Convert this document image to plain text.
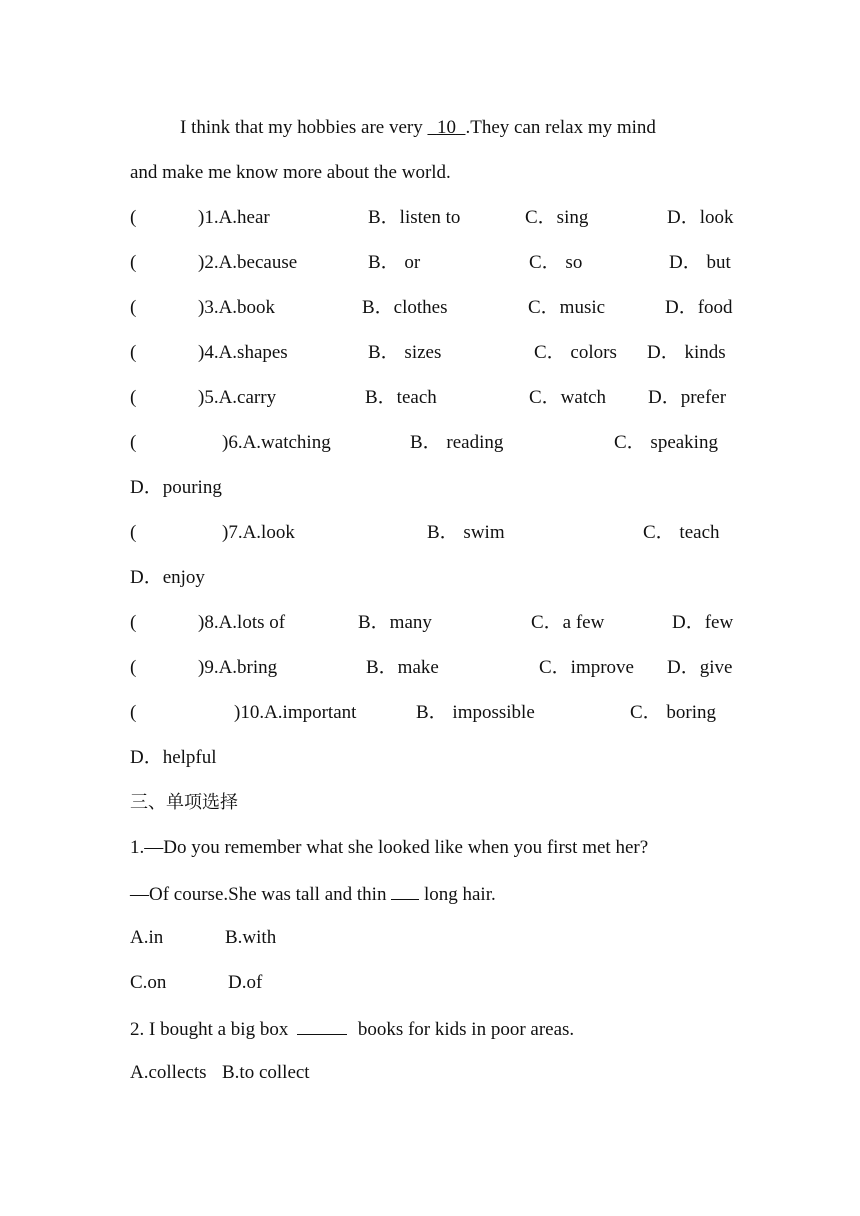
I think that my hobbies are very   10 .They can relax my mind
and make me know more about the world.
(	)1.A.hear	B．listen to	C．sing	D．look
(	)2.A.because	B． or	C． so	D． but
(	)3.A.book	B．clothes	C．music	D．food
(	)4.A.shapes	B． sizes	C． colors D． kinds
(	)5.A.carry	B．teach	C．watch D．prefer
(	)6.A.watching	B． reading	C． speaking
D．pouring
(	)7.A.look	B． swim	C． teach
D．enjoy
(	)8.A.lots of	B．many	C．a few	D．few
(	)9.A.bring	B．make	C．improve D．give
(	)10.A.important	B． impossible	C． boring
D．helpful
三、单项选择
1.—Do you remember what she looked like when you first met her?
—Of course.She was tall and thin  long hair.
A.in	B.with
C.on	D.of
2. I bought a big box	books for kids in poor areas.
A.collects B.to collect
